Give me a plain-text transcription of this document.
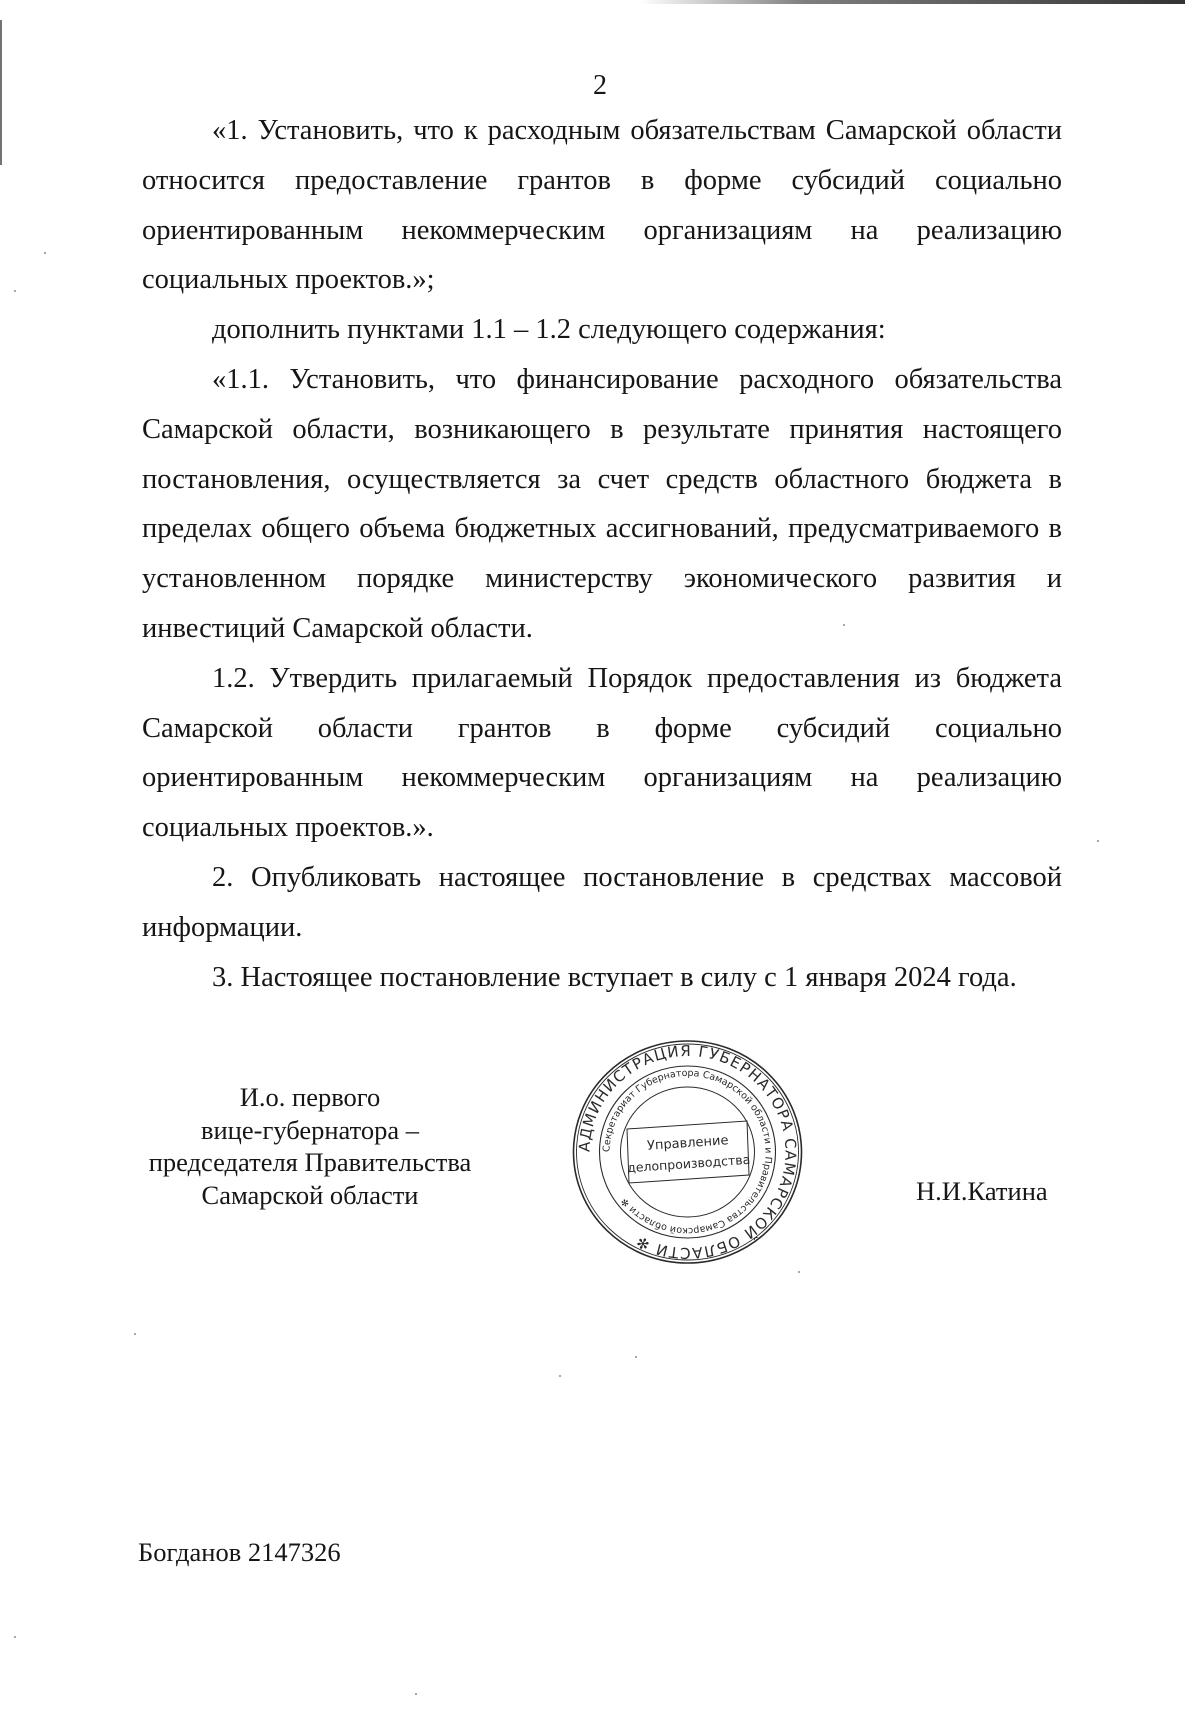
2

«1. Установить, что к расходным обязательствам Самарской области относится предоставление грантов в форме субсидий социально ориентированным некоммерческим организациям на реализацию социальных проектов.»;

дополнить пунктами 1.1 – 1.2 следующего содержания:

«1.1. Установить, что финансирование расходного обязательства Самарской области, возникающего в результате принятия настоящего постановления, осуществляется за счет средств областного бюджета в пределах общего объема бюджетных ассигнований, предусматриваемого в установленном порядке министерству экономического развития и инвестиций Самарской области.

1.2. Утвердить прилагаемый Порядок предоставления из бюджета Самарской области грантов в форме субсидий социально ориентированным некоммерческим организациям на реализацию социальных проектов.».

2. Опубликовать настоящее постановление в средствах массовой информации.

3. Настоящее постановление вступает в силу с 1 января 2024 года.

И.о. первого
вице-губернатора –
председателя Правительства
Самарской области
АДМИНИСТРАЦИЯ ГУБЕРНАТОРА САМАРСКОЙ ОБЛАСТИ ✻
Секретариат Губернатора Самарской области и Правительства Самарской области ✻
Управление
делопроизводства
Н.И.Катина
Богданов 2147326
